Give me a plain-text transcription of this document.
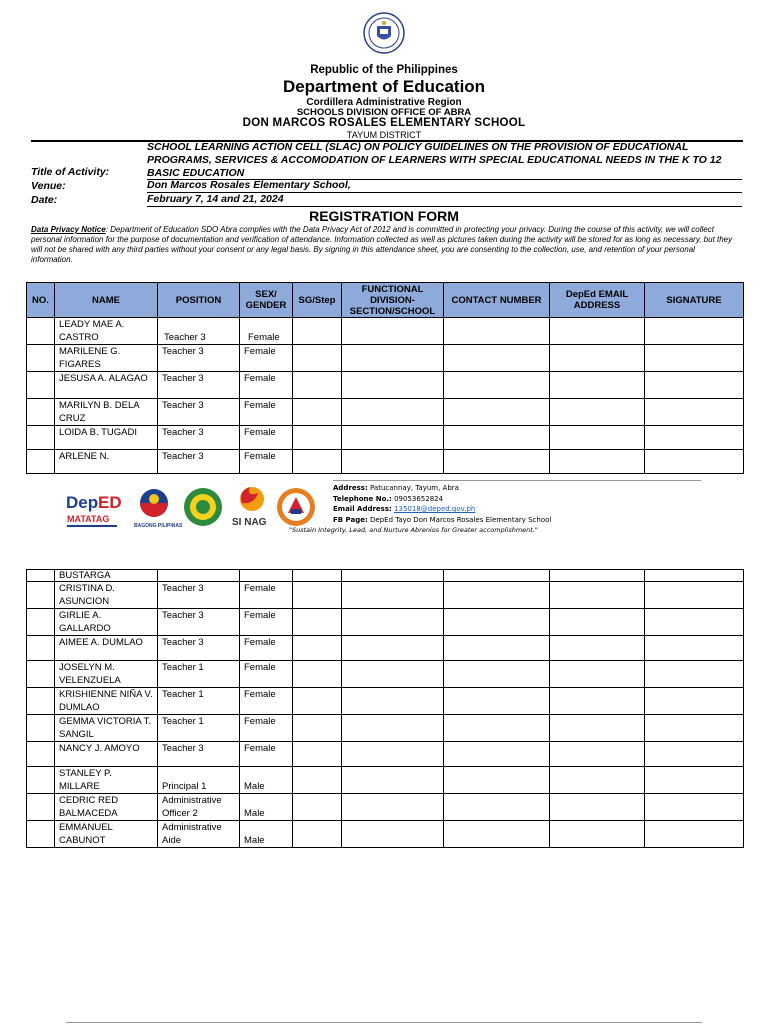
Republic of the Philippines
Department of Education
Cordillera Administrative Region
SCHOOLS DIVISION OFFICE OF ABRA
DON MARCOS ROSALES ELEMENTARY SCHOOL
TAYUM DISTRICT
SCHOOL LEARNING ACTION CELL (SLAC) ON POLICY GUIDELINES ON THE PROVISION OF EDUCATIONAL PROGRAMS, SERVICES & ACCOMODATION OF LEARNERS WITH SPECIAL EDUCATIONAL NEEDS IN THE K TO 12 BASIC EDUCATION
Title of Activity:
Venue:	Don Marcos Rosales Elementary School,
Date:	February 7, 14 and 21, 2024
REGISTRATION FORM
Data Privacy Notice: Department of Education SDO Abra complies with the Data Privacy Act of 2012 and is committed in protecting your privacy. During the course of this activity, we will collect personal information for the purpose of documentation and verification of attendance. Information collected as well as pictures taken during the activity will be stored for as long as necessary, but they will not be shared with any third parties without your consent or any legal basis. By signing in this attendance sheet, you are consenting to the collection, use, and retention of your personal information.
NO.	NAME	POSITION	SEX/ GENDER	SG/Step	FUNCTIONAL DIVISION-SECTION/SCHOOL	CONTACT NUMBER	DepEd EMAIL ADDRESS	SIGNATURE
	LEADY MAE A. CASTRO	Teacher 3	Female					
	MARILENE G. FIGARES	Teacher 3	Female					
	JESUSA A. ALAGAO	Teacher 3	Female					
	MARILYN B. DELA CRUZ	Teacher 3	Female					
	LOIDA B. TUGADI	Teacher 3	Female					
	ARLENE N.	Teacher 3	Female					
Dep ED
MATATAG
BAGONG PILIPINAS	SI NAG
Address: Patucannay, Tayum, Abra
Telephone No.: 09053652824
Email Address: 135018@deped.gov.ph
FB Page: DepEd Tayo Don Marcos Rosales Elementary School
"Sustain Integrity, Lead, and Nurture Abrenios for Greater accomplishment."
	BUSTARGA							
	CRISTINA D. ASUNCION	Teacher 3	Female					
	GIRLIE A. GALLARDO	Teacher 3	Female					
	AIMEE A. DUMLAO	Teacher 3	Female					
	JOSELYN M. VELENZUELA	Teacher 1	Female					
	KRISHIENNE NIÑA V. DUMLAO	Teacher 1	Female					
	GEMMA VICTORIA T. SANGIL	Teacher 1	Female					
	NANCY J. AMOYO	Teacher 3	Female					
	STANLEY P. MILLARE	Principal 1	Male					
	CEDRIC RED BALMACEDA	Administrative Officer 2	Male					
	EMMANUEL CABUNOT	Administrative Aide	Male					
